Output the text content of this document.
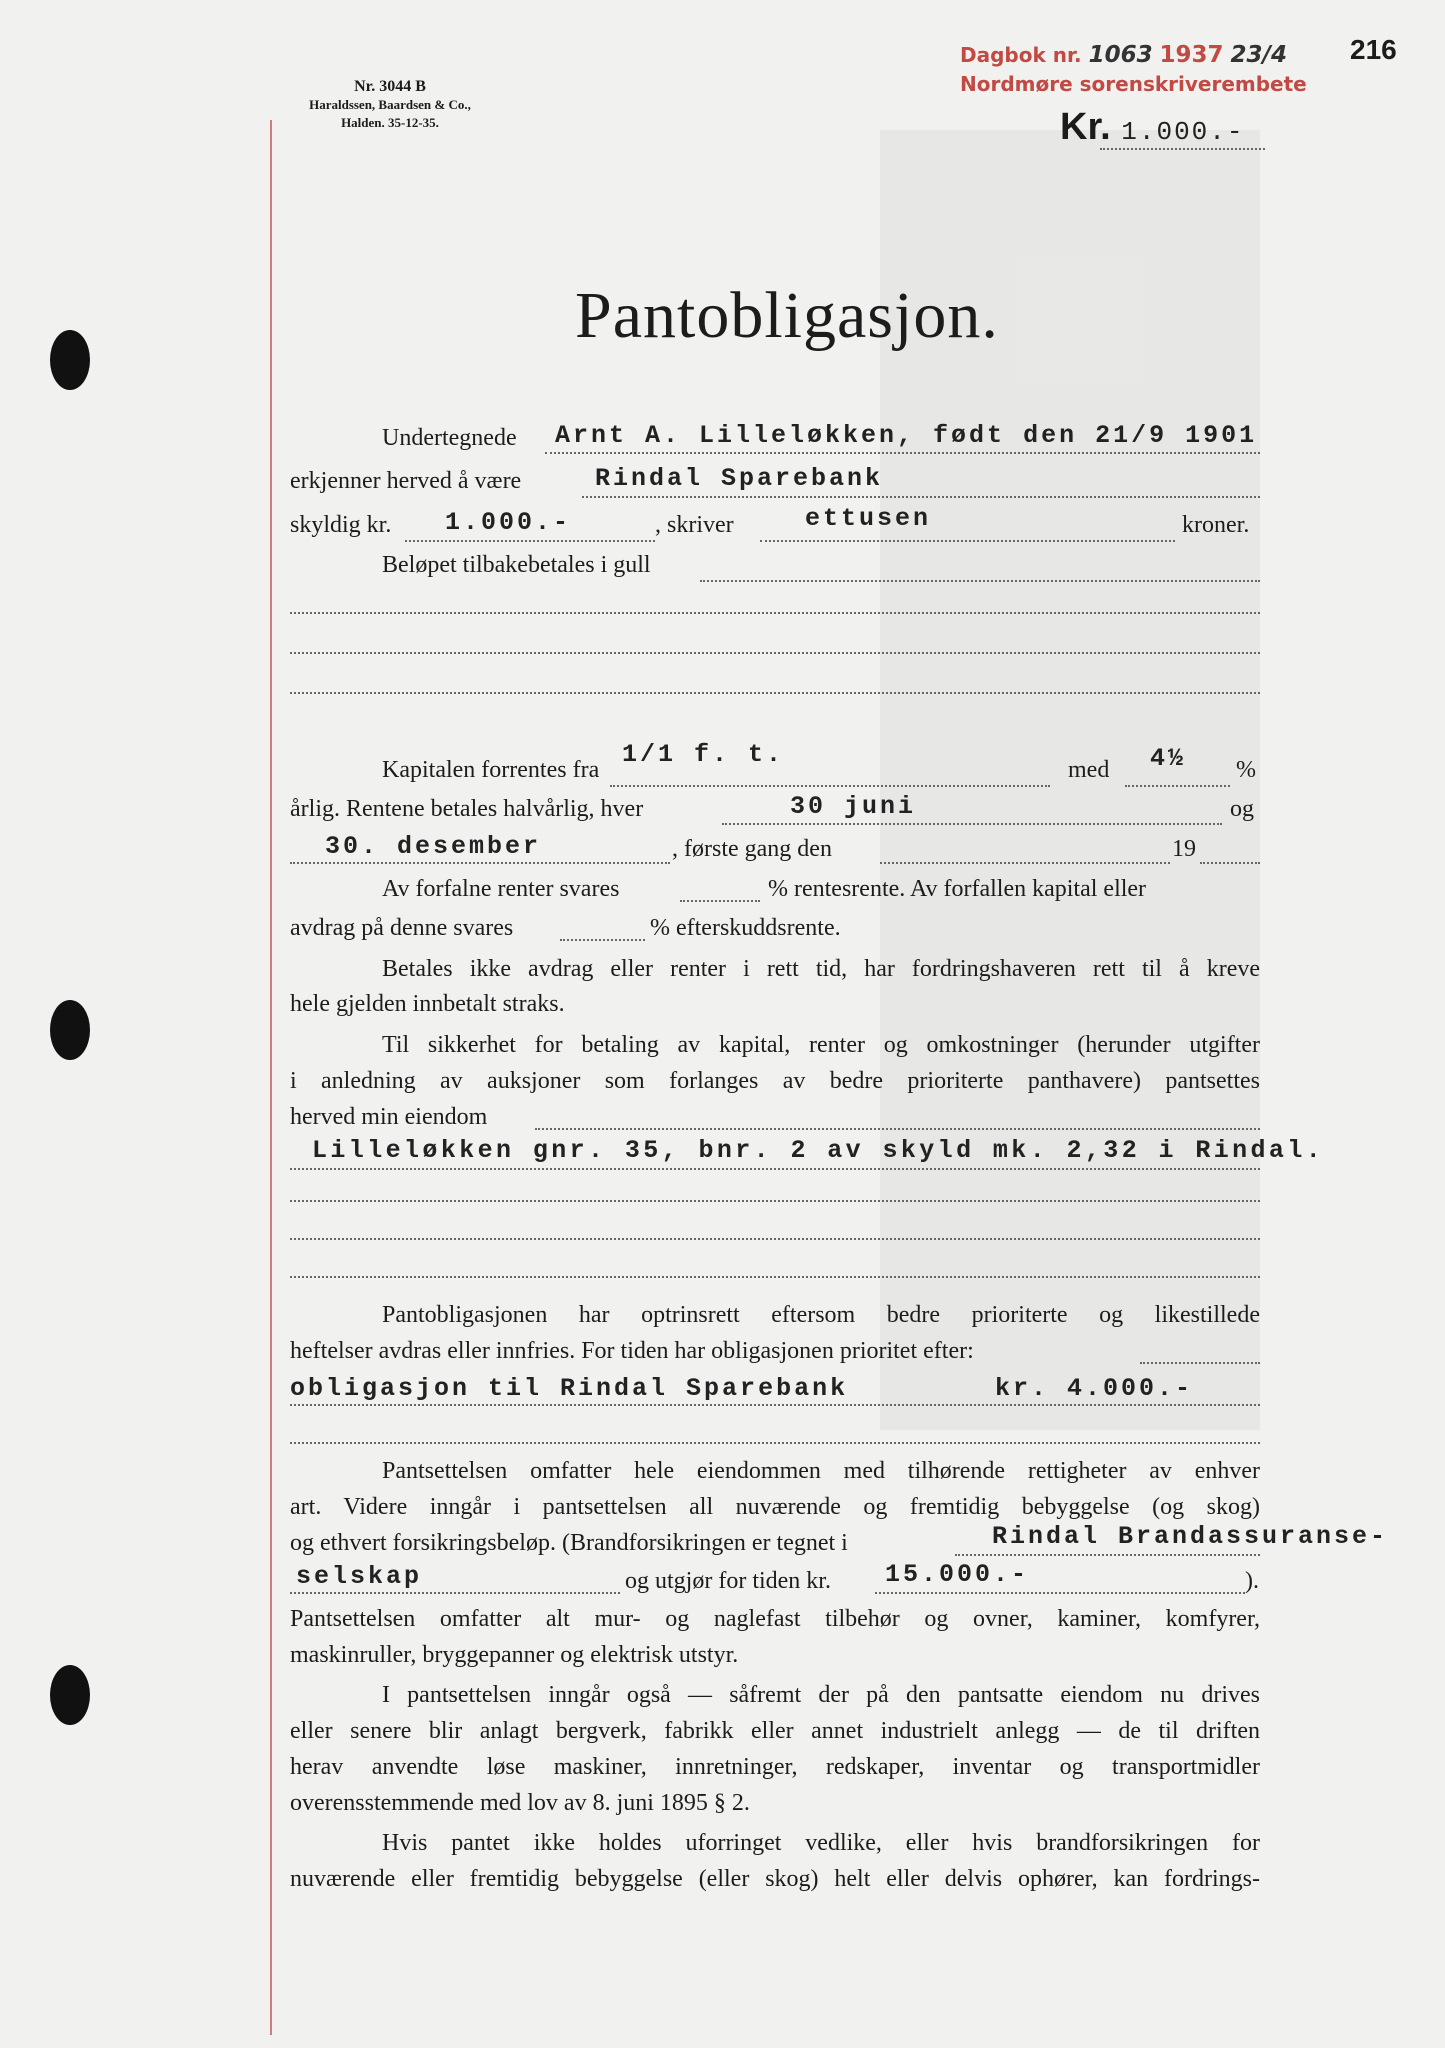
Nr. 3044 B
Haraldssen, Baardsen & Co.,
Halden. 35-12-35.
Dagbok nr. 1063 1937 23/4
Nordmøre sorenskriverembete
216
Kr. 1.000.-
Pantobligasjon.
Undertegnede Arnt A. Lilleløkken, født den 21/9 1901
erkjenner herved å være	Rindal Sparebank
skyldig kr. 1.000.-	, skriver	ettusen	kroner.
Beløpet tilbakebetales i gull
Kapitalen forrentes fra
1/1 f. t.
med 4½ %
årlig. Rentene betales halvårlig, hver	30 juni	og
30. desember	, første gang den	19
Av forfalne renter svares	% rentesrente. Av forfallen kapital eller
avdrag på denne svares	% efterskuddsrente.
Betales ikke avdrag eller renter i rett tid, har fordringshaveren rett til å kreve
hele gjelden innbetalt straks.
Til sikkerhet for betaling av kapital, renter og omkostninger (herunder utgifter
i anledning av auksjoner som forlanges av bedre prioriterte panthavere) pantsettes
herved min eiendom
Lilleløkken gnr. 35, bnr. 2 av skyld mk. 2,32 i Rindal.
Pantobligasjonen har optrinsrett eftersom bedre prioriterte og likestillede
heftelser avdras eller innfries. For tiden har obligasjonen prioritet efter:
obligasjon til Rindal Sparebank	kr. 4.000.-
Pantsettelsen omfatter hele eiendommen med tilhørende rettigheter av enhver
art. Videre inngår i pantsettelsen all nuværende og fremtidig bebyggelse (og skog)
og ethvert forsikringsbeløp. (Brandforsikringen er tegnet i	Rindal Brandassuranse-
selskap	og utgjør for tiden kr. 15.000.-	).
Pantsettelsen omfatter alt mur- og naglefast tilbehør og ovner, kaminer, komfyrer,
maskinruller, bryggepanner og elektrisk utstyr.
I pantsettelsen inngår også — såfremt der på den pantsatte eiendom nu drives
eller senere blir anlagt bergverk, fabrikk eller annet industrielt anlegg — de til driften
herav anvendte løse maskiner, innretninger, redskaper, inventar og transportmidler
overensstemmende med lov av 8. juni 1895 § 2.
Hvis pantet ikke holdes uforringet vedlike, eller hvis brandforsikringen for
nuværende eller fremtidig bebyggelse (eller skog) helt eller delvis ophører, kan fordrings-
